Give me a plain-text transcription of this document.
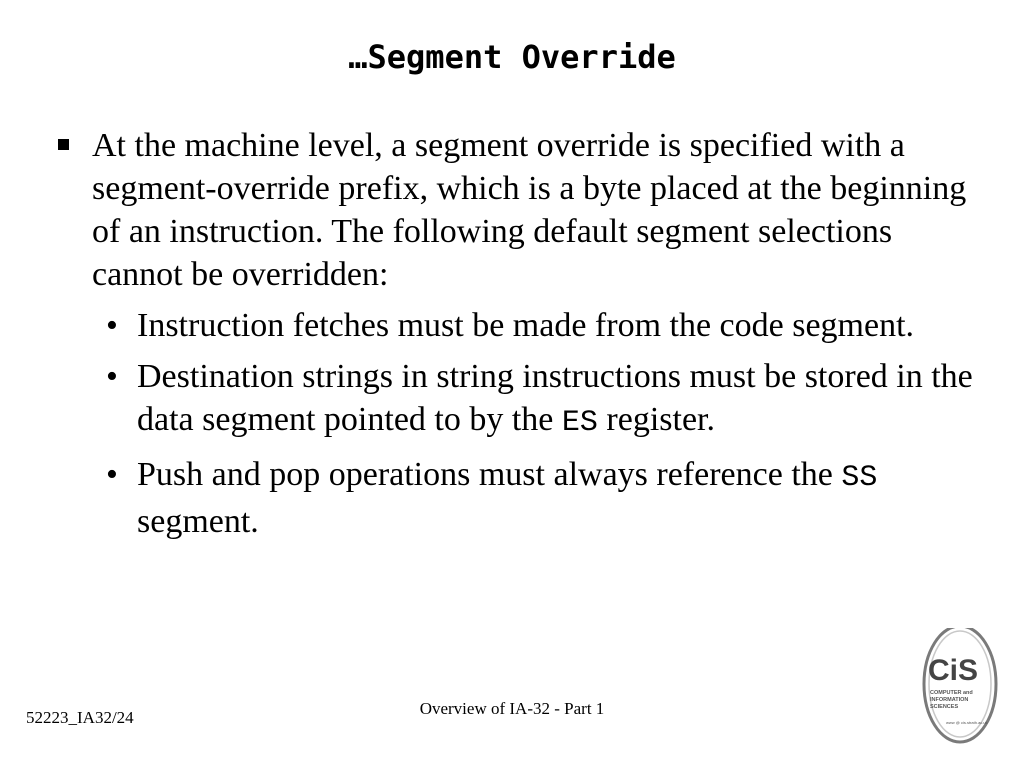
…Segment Override
At the machine level, a segment override is specified with a segment-override prefix, which is a byte placed at the beginning of an instruction. The following default segment selections cannot be overridden:
• Instruction fetches must be made from the code segment.
• Destination strings in string instructions must be stored in the data segment pointed to by the ES register.
• Push and pop operations must always reference the SS segment.
52223_IA32/24	Overview of IA-32 - Part 1
CiS
COMPUTER and
INFORMATION
SCIENCES
www @ cis.strath.ac.uk
